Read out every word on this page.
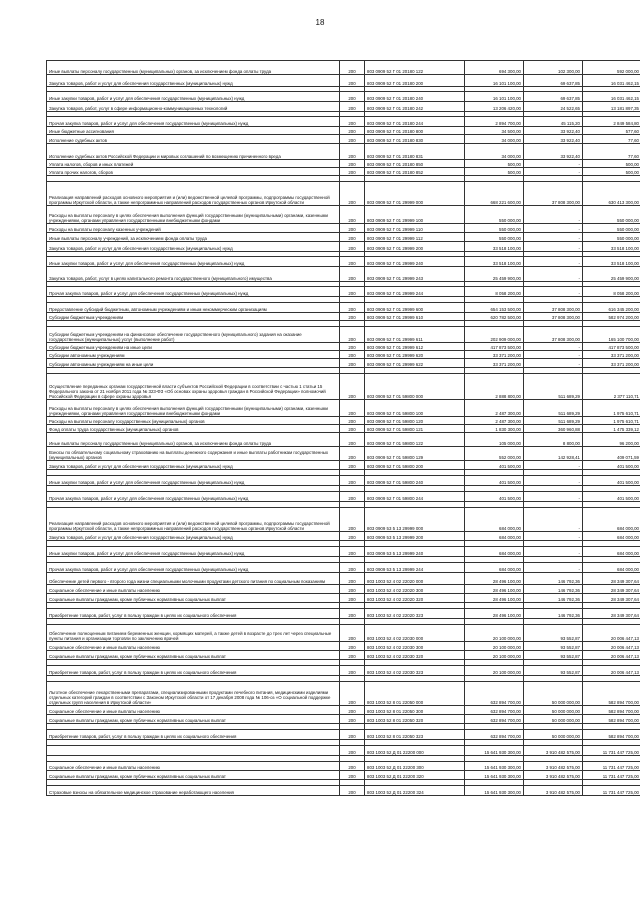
18
Иные выплаты персоналу государственных (муниципальных) органов, за исключением фонда оплаты труда	200	803 0909 52 Г 01 20180 122	694 300,00	102 300,00	592 000,00
Закупка товаров, работ и услуг для обеспечения государственных (муниципальных) нужд	200	803 0909 52 Г 01 20180 200	16 101 100,00	69 637,85	16 031 462,15

Иные закупки товаров, работ и услуг для обеспечения государственных (муниципальных) нужд	200	803 0909 52 Г 01 20180 240	16 101 100,00	69 637,85	16 031 462,15
Закупка товаров, работ, услуг в сфере информационно-коммуникационных технологий	200	803 0909 52 Г 01 20180 242	13 206 420,00	24 522,65	13 181 897,35

Прочая закупка товаров, работ и услуг для обеспечения государственных (муниципальных) нужд	200	803 0909 52 Г 01 20180 244	2 894 700,00	45 115,20	2 849 584,80
Иные бюджетные ассигнования	200	803 0909 52 Г 01 20180 800	34 500,00	33 922,40	577,60
Исполнение судебных актов	200	803 0909 52 Г 01 20180 830	34 000,00	33 922,40	77,60
Исполнение судебных актов Российской Федерации и мировых соглашений по возмещению причиненного вреда	200	803 0909 52 Г 01 20180 831	34 000,00	33 922,40	77,60
Уплата налогов, сборов и иных платежей	200	803 0909 52 Г 01 20180 850	500,00	-	500,00
Уплата прочих налогов, сборов	200	803 0909 52 Г 01 20180 852	500,00	-	500,00

Реализация направлений расходов основного мероприятия и (или) ведомственной целевой программы, подпрограммы государственной программы Иркутской области, а также непрограммных направлений расходов государственных органов Иркутской области	200	803 0909 52 Г 01 29999 000	668 221 600,00	37 808 300,00	630 413 300,00
Расходы на выплаты персоналу в целях обеспечения выполнения функций государственными (муниципальными) органами, казенными учреждениями, органами управления государственными внебюджетными фондами	200	803 0909 52 Г 01 29999 100	550 000,00	-	550 000,00
Расходы на выплаты персоналу казенных учреждений	200	803 0909 52 Г 01 29999 110	550 000,00	-	550 000,00
Иные выплаты персоналу учреждений, за исключением фонда оплаты труда	200	803 0909 52 Г 01 29999 112	550 000,00	-	550 000,00
Закупка товаров, работ и услуг для обеспечения государственных (муниципальных) нужд	200	803 0909 52 Г 01 29999 200	33 518 100,00	-	33 518 100,00

Иные закупки товаров, работ и услуг для обеспечения государственных (муниципальных) нужд	200	803 0909 52 Г 01 29999 240	33 518 100,00	-	33 518 100,00
Закупка товаров, работ, услуг в целях капитального ремонта государственного (муниципального) имущества	200	803 0909 52 Г 01 29999 243	25 459 900,00	-	25 459 900,00

Прочая закупка товаров, работ и услуг для обеспечения государственных (муниципальных) нужд	200	803 0909 52 Г 01 29999 244	8 058 200,00	-	8 058 200,00

Предоставление субсидий бюджетным, автономным учреждениям и иным некоммерческим организациям	200	803 0909 52 Г 01 29999 600	654 153 500,00	37 808 300,00	616 345 200,00
Субсидии бюджетным учреждениям	200	803 0909 52 Г 01 29999 610	620 782 500,00	37 808 300,00	582 974 200,00

Субсидии бюджетным учреждениям на финансовое обеспечение государственного (муниципального) задания на оказание государственных (муниципальных) услуг (выполнение работ)	200	803 0909 52 Г 01 29999 611	202 909 000,00	37 808 300,00	165 100 700,00
Субсидии бюджетным учреждениям на иные цели	200	803 0909 52 Г 01 29999 612	417 873 500,00	-	417 873 500,00
Субсидии автономным учреждениям	200	803 0909 52 Г 01 29999 620	33 371 200,00	-	33 371 200,00
Субсидии автономным учреждениям на иные цели	200	803 0909 52 Г 01 29999 622	33 371 200,00	-	33 371 200,00

Осуществление переданных органам государственной власти субъектов Российской Федерации в соответствии с частью 1 статьи 15 Федерального закона от 21 ноября 2011 года № 323-ФЗ «Об основах охраны здоровья граждан в Российской Федерации» полномочий Российской Федерации в сфере охраны здоровья	200	803 0909 52 Г 01 59800 000	2 888 800,00	511 689,29	2 377 110,71
Расходы на выплаты персоналу в целях обеспечения выполнения функций государственными (муниципальными) органами, казенными учреждениями, органами управления государственными внебюджетными фондами	200	803 0909 52 Г 01 59800 100	2 487 300,00	511 689,29	1 975 610,71
Расходы на выплаты персоналу государственных (муниципальных) органов	200	803 0909 52 Г 01 59800 120	2 487 300,00	511 689,29	1 975 610,71
Фонд оплаты труда государственных (муниципальных) органов	200	803 0909 52 Г 01 59800 121	1 830 300,00	360 960,88	1 475 339,12
Иные выплаты персоналу государственных (муниципальных) органов, за исключением фонда оплаты труда	200	803 0909 52 Г 01 59800 122	105 000,00	8 800,00	96 200,00
Взносы по обязательному социальному страхованию на выплаты денежного содержания и иные выплаты работникам государственных (муниципальных) органов	200	803 0909 52 Г 01 59800 129	552 000,00	142 928,41	409 071,59
Закупка товаров, работ и услуг для обеспечения государственных (муниципальных) нужд	200	803 0909 52 Г 01 59800 200	401 500,00	-	401 500,00

Иные закупки товаров, работ и услуг для обеспечения государственных (муниципальных) нужд	200	803 0909 52 Г 01 59800 240	401 500,00	-	401 500,00

Прочая закупка товаров, работ и услуг для обеспечения государственных (муниципальных) нужд	200	803 0909 52 Г 01 59800 244	401 500,00	-	401 500,00

Реализация направлений расходов основного мероприятия и (или) ведомственной целевой программы, подпрограммы государственной программы Иркутской области, а также непрограммных направлений расходов государственных органов Иркутской области	200	803 0909 53 5 13 29999 000	684 000,00	-	684 000,00
Закупка товаров, работ и услуг для обеспечения государственных (муниципальных) нужд	200	803 0909 53 5 13 29999 200	684 000,00	-	684 000,00

Иные закупки товаров, работ и услуг для обеспечения государственных (муниципальных) нужд	200	803 0909 53 5 13 29999 240	684 000,00	-	684 000,00

Прочая закупка товаров, работ и услуг для обеспечения государственных (муниципальных) нужд	200	803 0909 53 5 13 29999 244	684 000,00	-	684 000,00
Обеспечение детей первого - второго года жизни специальными молочными продуктами детского питания по социальным показаниям	200	803 1003 52 4 02 22020 000	28 496 100,00	146 792,36	28 349 307,64
Социальное обеспечение и иные выплаты населению	200	803 1003 52 4 02 22020 300	28 496 100,00	146 792,36	28 349 307,64
Социальные выплаты гражданам, кроме публичных нормативных социальных выплат	200	803 1003 52 4 02 22020 320	28 496 100,00	146 792,36	28 349 307,64

Приобретение товаров, работ, услуг в пользу граждан в целях их социального обеспечения	200	803 1003 52 4 02 22020 323	28 496 100,00	146 792,36	28 349 307,64

Обеспечение полноценным питанием беременных женщин, кормящих матерей, а также детей в возрасте до трех лет через специальные пункты питания и организации торговли по заключению врачей	200	803 1003 52 4 02 22030 000	20 100 000,00	93 552,87	20 006 447,13
Социальное обеспечение и иные выплаты населению	200	803 1003 52 4 02 22030 300	20 100 000,00	93 552,87	20 006 447,13
Социальные выплаты гражданам, кроме публичных нормативных социальных выплат	200	803 1003 52 4 02 22030 320	20 100 000,00	93 552,87	20 006 447,13

Приобретение товаров, работ, услуг в пользу граждан в целях их социального обеспечения	200	803 1003 52 4 02 22030 323	20 100 000,00	93 552,87	20 006 447,13

Льготное обеспечение лекарственными препаратами, специализированными продуктами лечебного питания, медицинскими изделиями отдельных категорий граждан в соответствии с Законом Иркутской области от 17 декабря 2008 года № 106-оз «О социальной поддержке отдельных групп населения в Иркутской области»	200	803 1003 52 8 01 22050 000	632 894 700,00	50 000 000,00	582 894 700,00
Социальное обеспечение и иные выплаты населению	200	803 1003 52 8 01 22050 300	632 894 700,00	50 000 000,00	582 894 700,00
Социальные выплаты гражданам, кроме публичных нормативных социальных выплат	200	803 1003 52 8 01 22050 320	632 894 700,00	50 000 000,00	582 894 700,00

Приобретение товаров, работ, услуг в пользу граждан в целях их социального обеспечения	200	803 1003 52 8 01 22050 323	632 894 700,00	50 000 000,00	582 894 700,00

	200	803 1003 52 Д 01 22200 000	15 641 930 300,00	3 910 482 575,00	11 731 447 725,00

Социальное обеспечение и иные выплаты населению	200	803 1003 52 Д 01 22200 300	15 641 930 300,00	3 910 482 575,00	11 731 447 725,00
Социальные выплаты гражданам, кроме публичных нормативных социальных выплат	200	803 1003 52 Д 01 22200 320	15 641 930 300,00	3 910 482 575,00	11 731 447 725,00

Страховые взносы на обязательное медицинское страхование неработающего населения	200	803 1003 52 Д 01 22200 324	15 641 930 300,00	3 910 482 575,00	11 731 447 725,00
